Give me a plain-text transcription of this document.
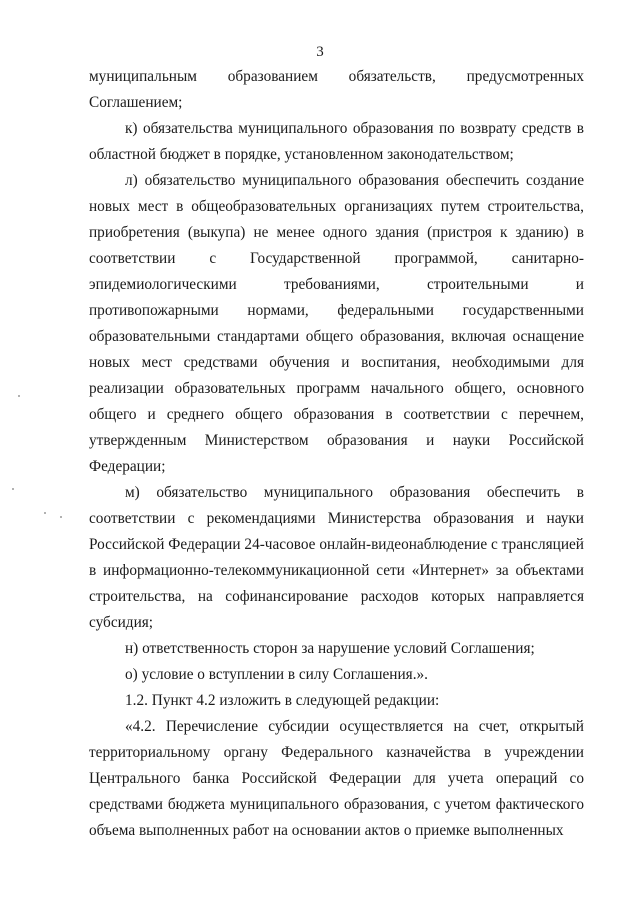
3

муниципальным образованием обязательств, предусмотренных Соглашением;

к) обязательства муниципального образования по возврату средств в областной бюджет в порядке, установленном законодательством;

л) обязательство муниципального образования обеспечить создание новых мест в общеобразовательных организациях путем строительства, приобретения (выкупа) не менее одного здания (пристроя к зданию) в соответствии с Государственной программой, санитарно-эпидемиологическими требованиями, строительными и противопожарными нормами, федеральными государственными образовательными стандартами общего образования, включая оснащение новых мест средствами обучения и воспитания, необходимыми для реализации образовательных программ начального общего, основного общего и среднего общего образования в соответствии с перечнем, утвержденным Министерством образования и науки Российской Федерации;

м) обязательство муниципального образования обеспечить в соответствии с рекомендациями Министерства образования и науки Российской Федерации 24-часовое онлайн-видеонаблюдение с трансляцией в информационно-телекоммуникационной сети «Интернет» за объектами строительства, на софинансирование расходов которых направляется субсидия;

н) ответственность сторон за нарушение условий Соглашения;

о) условие о вступлении в силу Соглашения.».

1.2. Пункт 4.2 изложить в следующей редакции:

«4.2. Перечисление субсидии осуществляется на счет, открытый территориальному органу Федерального казначейства в учреждении Центрального банка Российской Федерации для учета операций со средствами бюджета муниципального образования, с учетом фактического объема выполненных работ на основании актов о приемке выполненных
